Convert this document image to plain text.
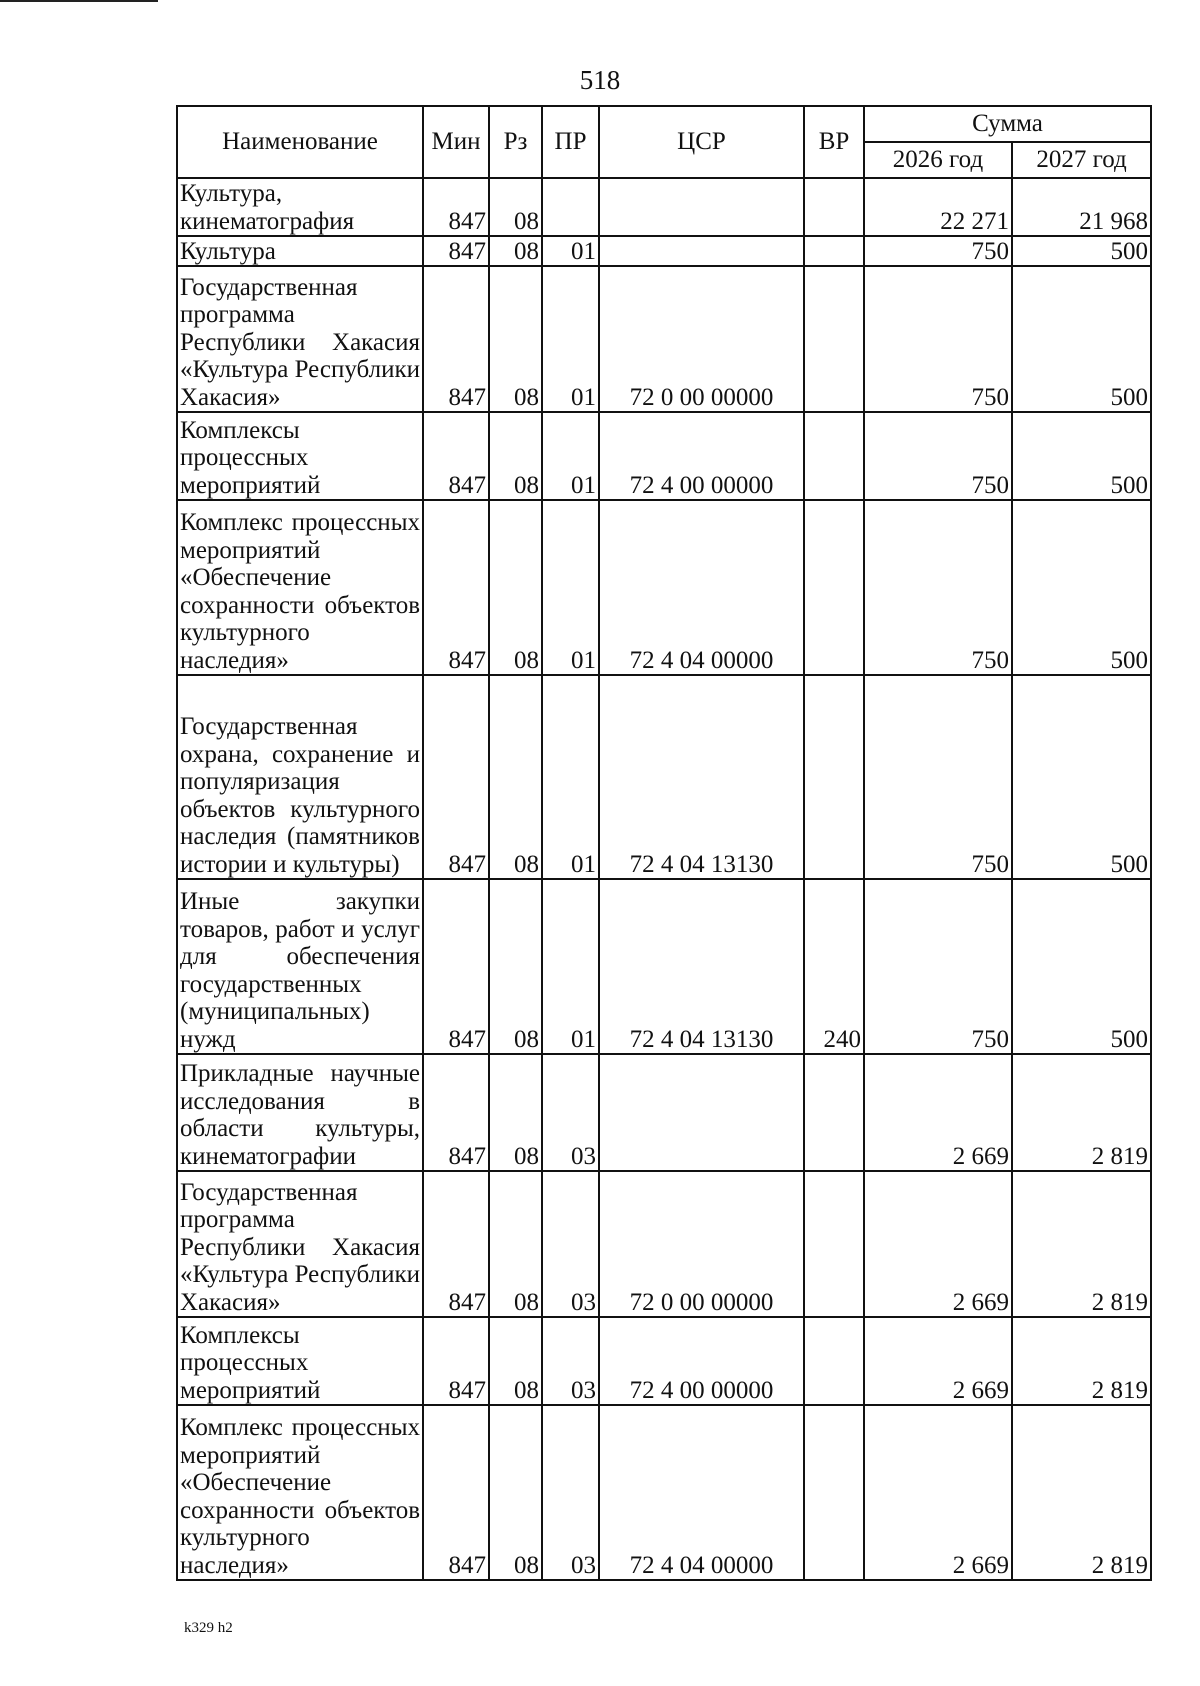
518
Наименование	Мин	Рз	ПР	ЦСР	ВР	Сумма	
						2026 год	2027 год
Культура, кинематография	847	08				22 271	21 968
Культура	847	08	01			750	500
Государственная программа Республики Хакасия «Культура Республики Хакасия»	847	08	01	72 0 00 00000		750	500
Комплексы процессных мероприятий	847	08	01	72 4 00 00000		750	500
Комплекс процессных мероприятий «Обеспечение сохранности объектов культурного наследия»	847	08	01	72 4 04 00000		750	500
Государственная охрана, сохранение и популяризация объектов культурного наследия (памятников истории и культуры)	847	08	01	72 4 04 13130		750	500
Иные закупки товаров, работ и услуг для обеспечения государственных (муниципальных) нужд	847	08	01	72 4 04 13130	240	750	500
Прикладные научные исследования в области культуры, кинематографии	847	08	03			2 669	2 819
Государственная программа Республики Хакасия «Культура Республики Хакасия»	847	08	03	72 0 00 00000		2 669	2 819
Комплексы процессных мероприятий	847	08	03	72 4 00 00000		2 669	2 819
Комплекс процессных мероприятий «Обеспечение сохранности объектов культурного наследия»	847	08	03	72 4 04 00000		2 669	2 819
k329 h2
